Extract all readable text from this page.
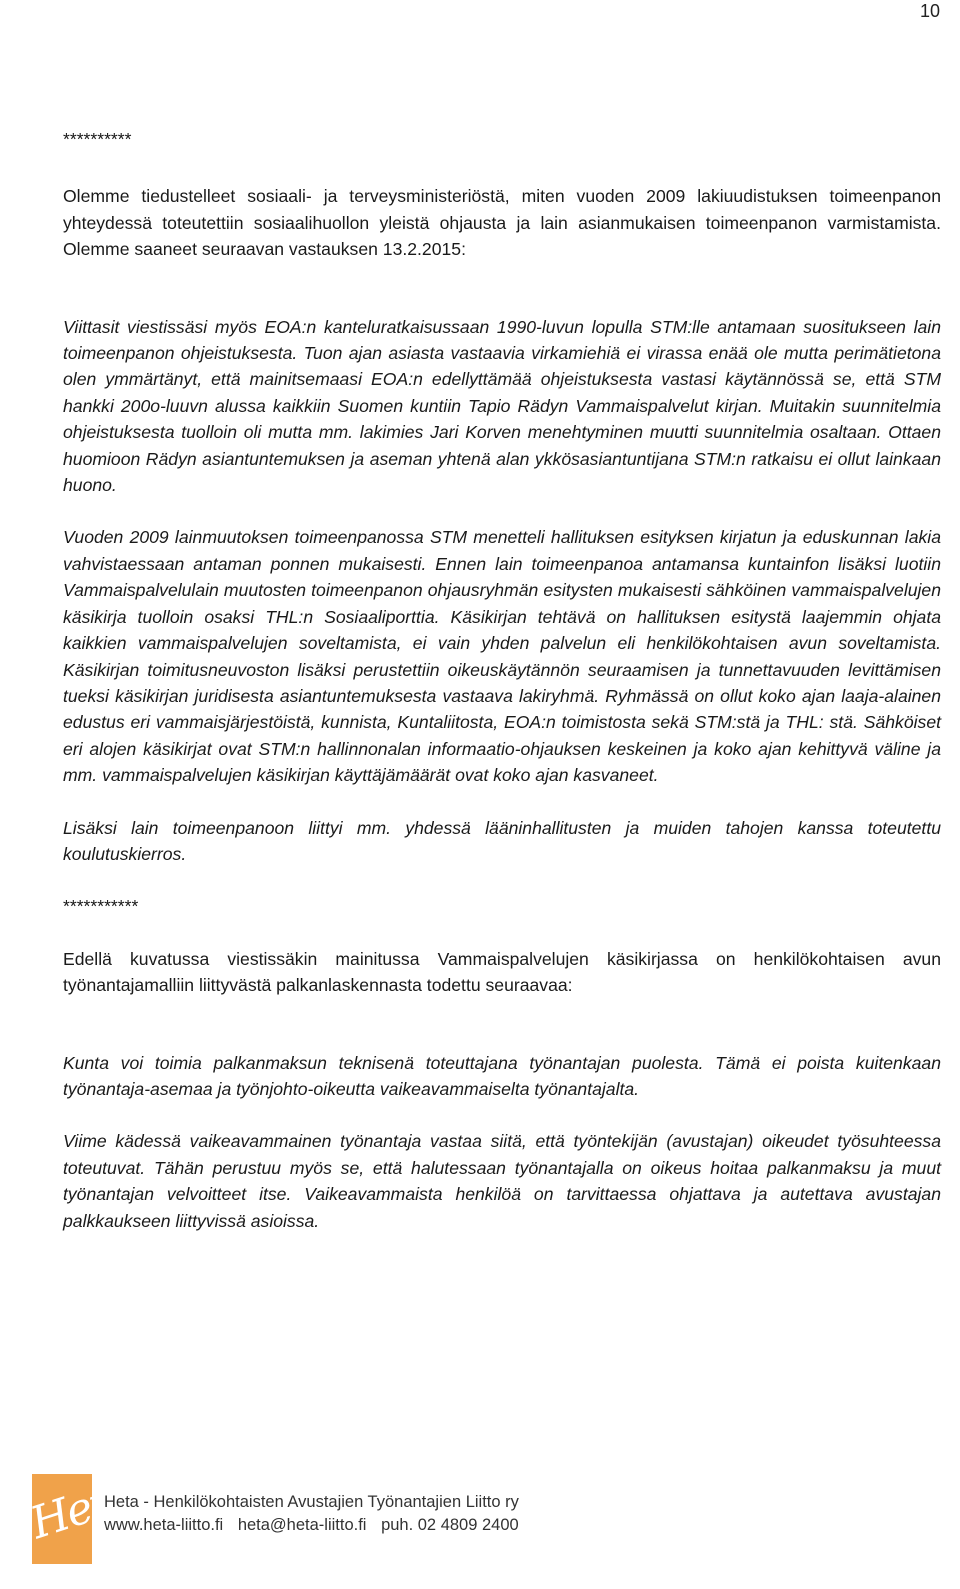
10

**********

Olemme tiedustelleet sosiaali- ja terveysministeriöstä, miten vuoden 2009 lakiuudistuksen toimeenpanon yhteydessä toteutettiin sosiaalihuollon yleistä ohjausta ja lain asianmukaisen toimeenpanon varmistamista. Olemme saaneet seuraavan vastauksen 13.2.2015:

Viittasit viestissäsi myös EOA:n kanteluratkaisussaan 1990-luvun lopulla STM:lle antamaan suositukseen lain toimeenpanon ohjeistuksesta. Tuon ajan asiasta vastaavia virkamiehiä ei virassa enää ole mutta perimätietona olen ymmärtänyt, että mainitsemaasi EOA:n edellyttämää ohjeistuksesta vastasi käytännössä se, että STM hankki 200o-luuvn alussa kaikkiin Suomen kuntiin Tapio Rädyn Vammaispalvelut kirjan. Muitakin suunnitelmia ohjeistuksesta tuolloin oli mutta mm. lakimies Jari Korven menehtyminen muutti suunnitelmia osaltaan. Ottaen huomioon Rädyn asiantuntemuksen ja aseman yhtenä alan ykkösasiantuntijana STM:n ratkaisu ei ollut lainkaan huono.

Vuoden 2009 lainmuutoksen toimeenpanossa STM menetteli hallituksen esityksen kirjatun ja eduskunnan lakia vahvistaessaan antaman ponnen mukaisesti. Ennen lain toimeenpanoa antamansa kuntainfon lisäksi luotiin Vammaispalvelulain muutosten toimeenpanon ohjausryhmän esitysten mukaisesti sähköinen vammaispalvelujen käsikirja tuolloin osaksi THL:n Sosiaaliporttia. Käsikirjan tehtävä on hallituksen esitystä laajemmin ohjata kaikkien vammaispalvelujen soveltamista, ei vain yhden palvelun eli henkilökohtaisen avun soveltamista. Käsikirjan toimitusneuvoston lisäksi perustettiin oikeuskäytännön seuraamisen ja tunnettavuuden levittämisen tueksi käsikirjan juridisesta asiantuntemuksesta vastaava lakiryhmä. Ryhmässä on ollut koko ajan laaja-alainen edustus eri vammaisjärjestöistä, kunnista, Kuntaliitosta, EOA:n toimistosta sekä STM:stä ja THL: stä. Sähköiset eri alojen käsikirjat ovat STM:n hallinnonalan informaatio-ohjauksen keskeinen ja koko ajan kehittyvä väline ja mm. vammaispalvelujen käsikirjan käyttäjämäärät ovat koko ajan kasvaneet.

Lisäksi lain toimeenpanoon liittyi mm. yhdessä lääninhallitusten ja muiden tahojen kanssa toteutettu koulutuskierros.

***********

Edellä kuvatussa viestissäkin mainitussa Vammaispalvelujen käsikirjassa on henkilökohtaisen avun työnantajamalliin liittyvästä palkanlaskennasta todettu seuraavaa:

Kunta voi toimia palkanmaksun teknisenä toteuttajana työnantajan puolesta. Tämä ei poista kuitenkaan työnantaja-asemaa ja työnjohto-oikeutta vaikeavammaiselta työnantajalta.

Viime kädessä vaikeavammainen työnantaja vastaa siitä, että työntekijän (avustajan) oikeudet työsuhteessa toteutuvat. Tähän perustuu myös se, että halutessaan työnantajalla on oikeus hoitaa palkanmaksu ja muut työnantajan velvoitteet itse. Vaikeavammaista henkilöä on tarvittaessa ohjattava ja autettava avustajan palkkaukseen liittyvissä asioissa.

Heta
Heta - Henkilökohtaisten Avustajien Työnantajien Liitto ry
www.heta-liitto.fi heta@heta-liitto.fi puh. 02 4809 2400
